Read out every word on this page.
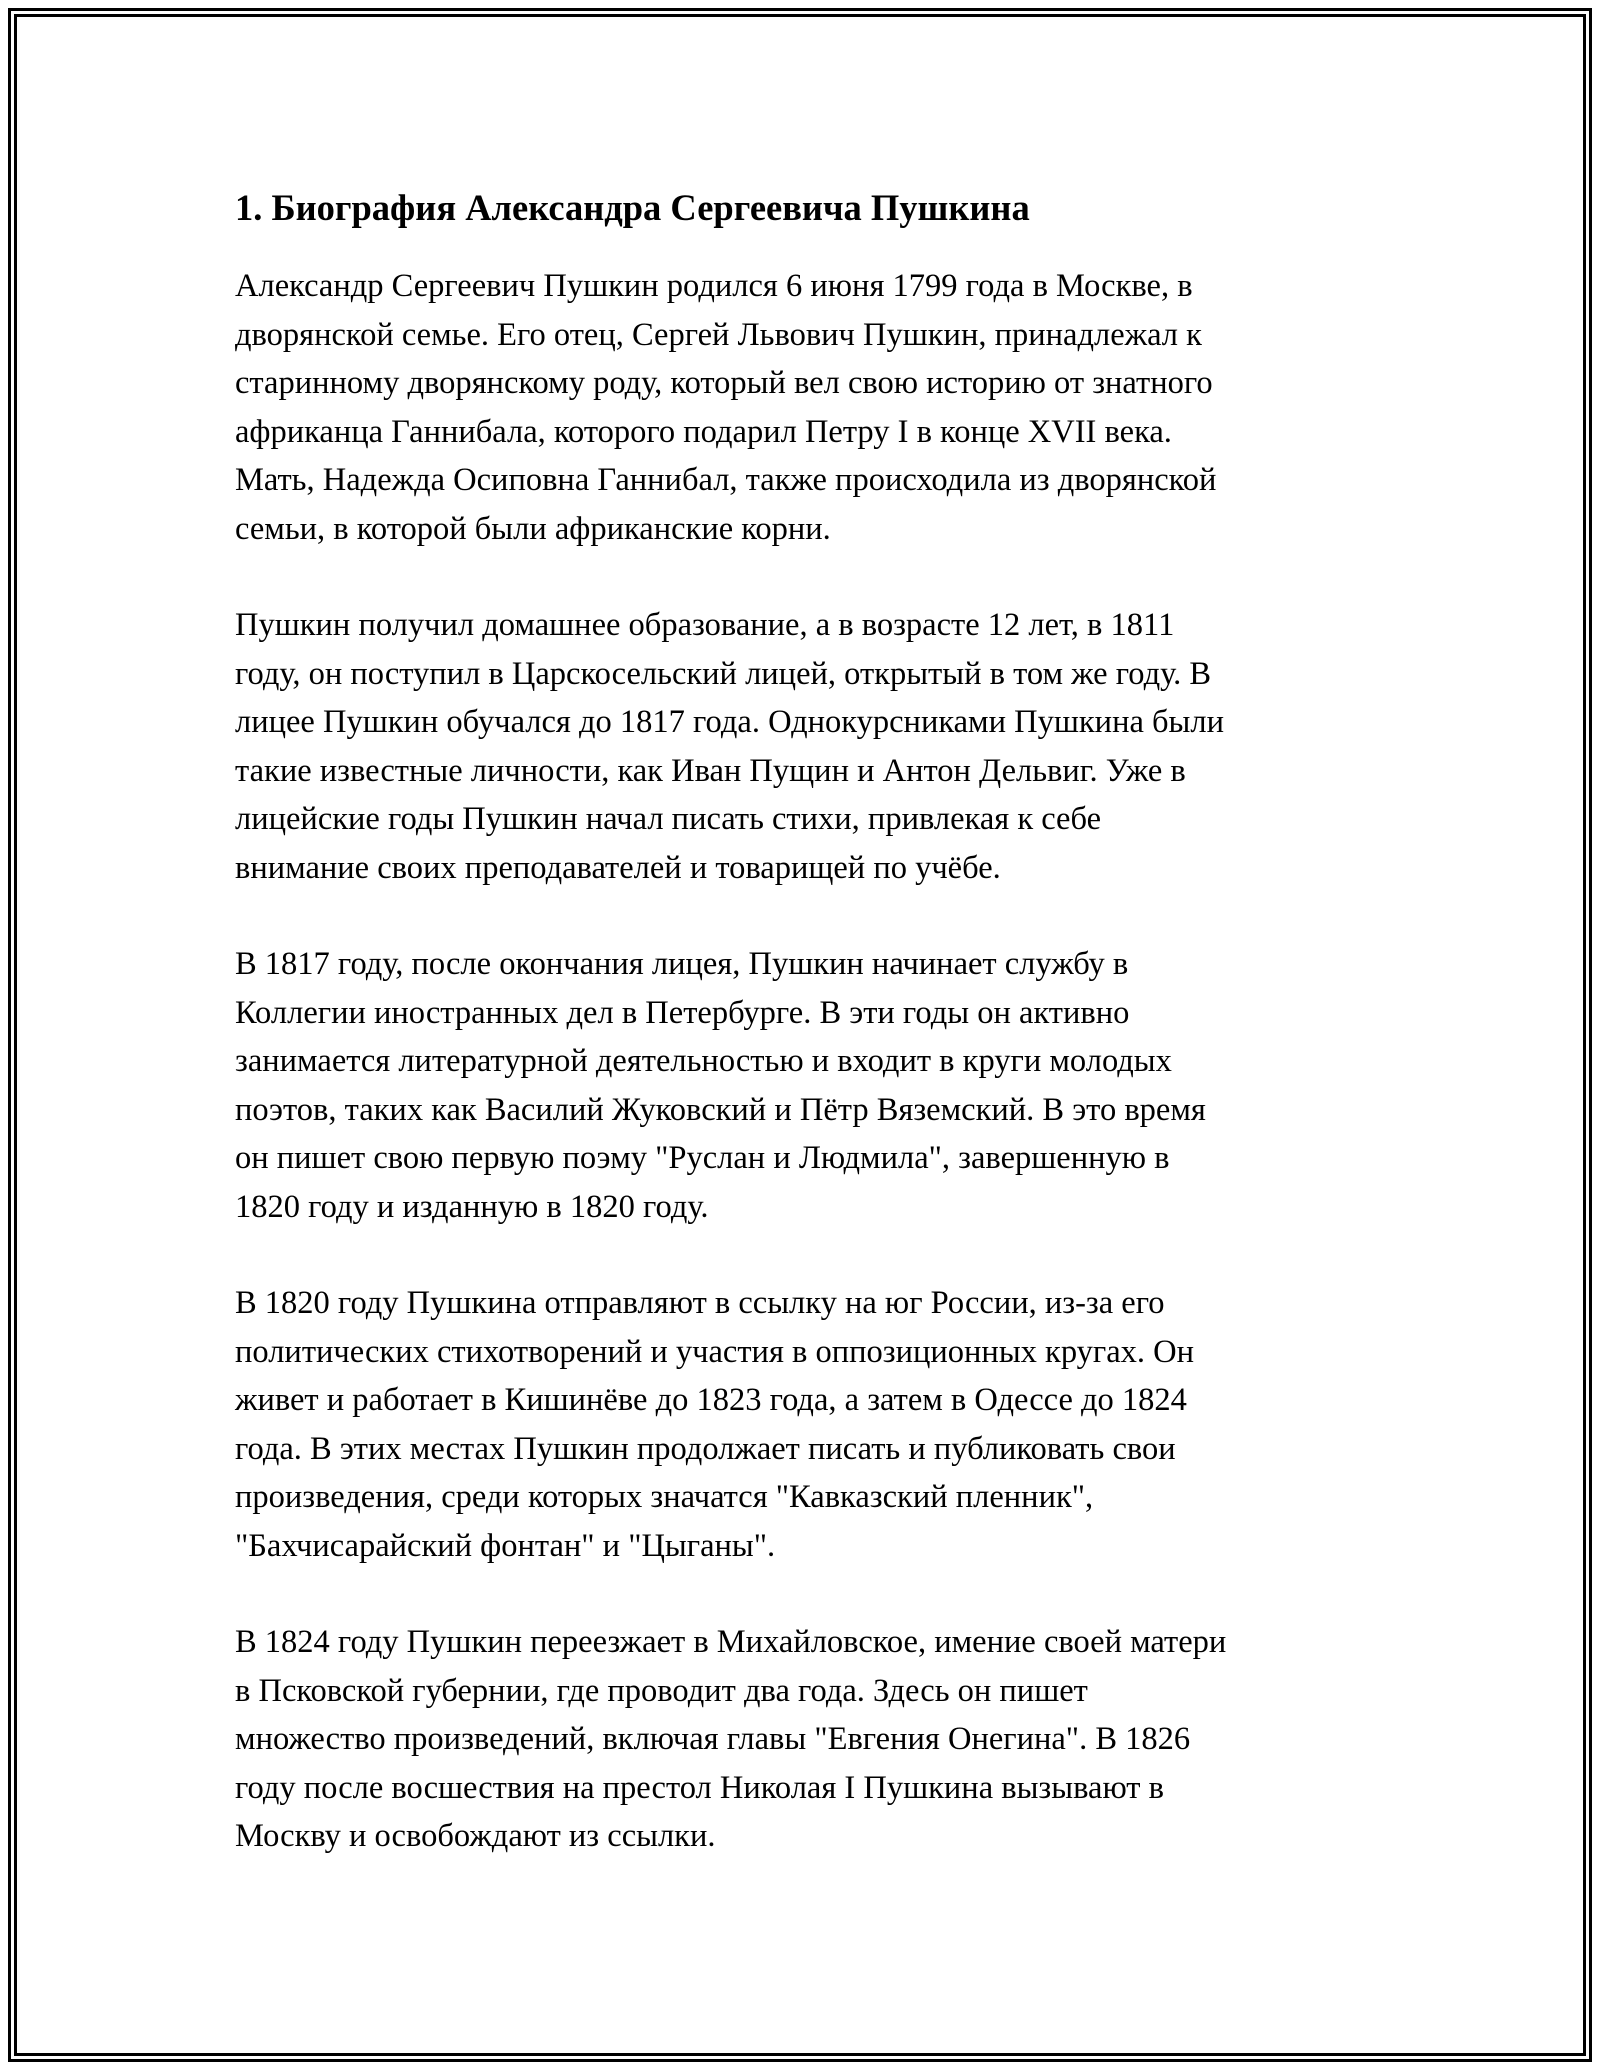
1. Биография Александра Сергеевича Пушкина
Александр Сергеевич Пушкин родился 6 июня 1799 года в Москве, в
дворянской семье. Его отец, Сергей Львович Пушкин, принадлежал к
старинному дворянскому роду, который вел свою историю от знатного
африканца Ганнибала, которого подарил Петру I в конце XVII века.
Мать, Надежда Осиповна Ганнибал, также происходила из дворянской
семьи, в которой были африканские корни.
Пушкин получил домашнее образование, а в возрасте 12 лет, в 1811
году, он поступил в Царскосельский лицей, открытый в том же году. В
лицее Пушкин обучался до 1817 года. Однокурсниками Пушкина были
такие известные личности, как Иван Пущин и Антон Дельвиг. Уже в
лицейские годы Пушкин начал писать стихи, привлекая к себе
внимание своих преподавателей и товарищей по учёбе.
В 1817 году, после окончания лицея, Пушкин начинает службу в
Коллегии иностранных дел в Петербурге. В эти годы он активно
занимается литературной деятельностью и входит в круги молодых
поэтов, таких как Василий Жуковский и Пётр Вяземский. В это время
он пишет свою первую поэму "Руслан и Людмила", завершенную в
1820 году и изданную в 1820 году.
В 1820 году Пушкина отправляют в ссылку на юг России, из-за его
политических стихотворений и участия в оппозиционных кругах. Он
живет и работает в Кишинёве до 1823 года, а затем в Одессе до 1824
года. В этих местах Пушкин продолжает писать и публиковать свои
произведения, среди которых значатся "Кавказский пленник",
"Бахчисарайский фонтан" и "Цыганы".
В 1824 году Пушкин переезжает в Михайловское, имение своей матери
в Псковской губернии, где проводит два года. Здесь он пишет
множество произведений, включая главы "Евгения Онегина". В 1826
году после восшествия на престол Николая I Пушкина вызывают в
Москву и освобождают из ссылки.
